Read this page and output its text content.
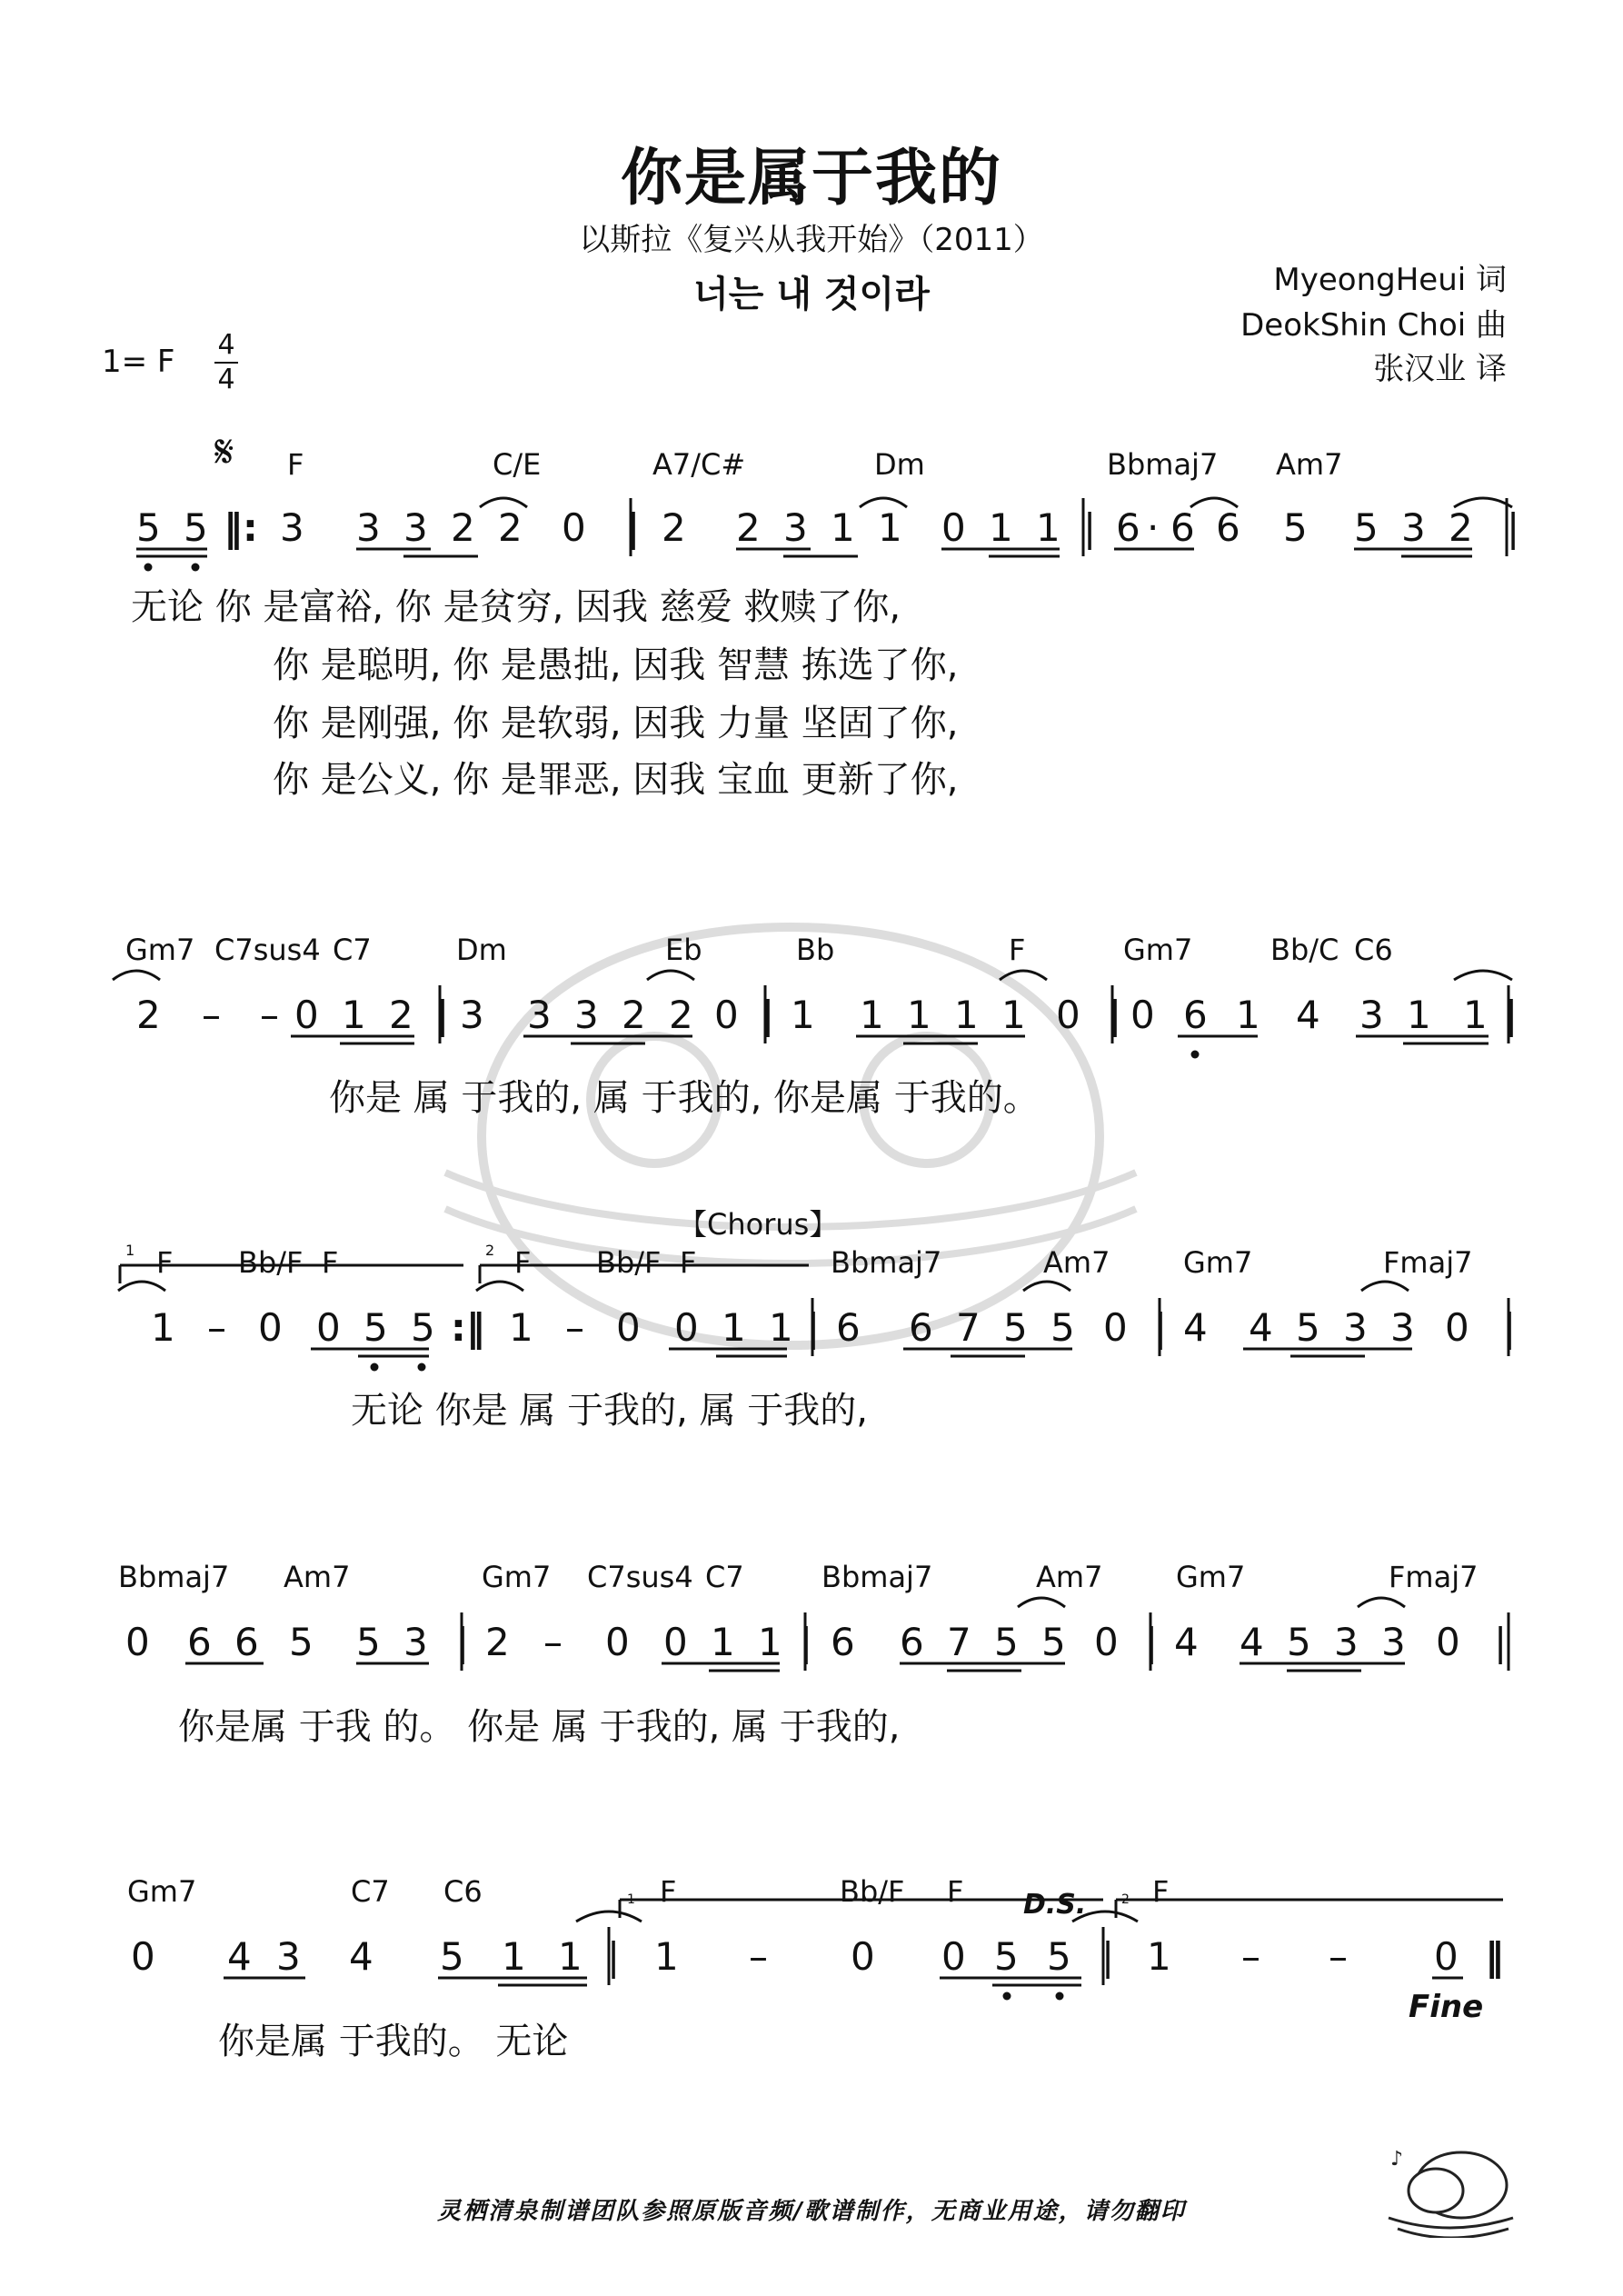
你是属于我的
以斯拉《复兴从我开始》（2011）
너는 내 것이라	MyeongHeui 词
DeokShin Choi 曲
张汉业 译
1= F 4
4
𝄋 F	C/E	A7/C#	Dm	Bbmaj7 Am7
5 5 ‖: 3 3 3 2 2 0 | 2 2 3 1 1 0 1 1 | 6 · 6 6 5 5 3 2 |
无论 你 是富裕, 你 是贫穷, 因我 慈爱 救赎了你,
你 是聪明, 你 是愚拙, 因我 智慧 拣选了你,
你 是刚强, 你 是软弱, 因我 力量 坚固了你,
你 是公义, 你 是罪恶, 因我 宝血 更新了你,
Gm7 C7sus4 C7	Dm	Eb	Bb	F	Gm7	Bb/C C6
2 – – 0 1 2 | 3 3 3 2 2 0 | 1 1 1 1 1 0 | 0 6 1 4 3 1 1 |
你是 属 于我的, 属 于我的, 你是属 于我的。
【Chorus】
1	2
F Bb/F F	F Bb/F F	Bbmaj7	Am7	Gm7	Fmaj7
1 – 0 0 5 5 :‖ 1 – 0 0 1 1 | 6 6 7 5 5 0 | 4 4 5 3 3 0 |
无论 你是 属 于我的, 属 于我的,
Bbmaj7 Am7	Gm7 C7sus4 C7	Bbmaj7	Am7	Gm7	Fmaj7
0 6 6 5 5 3 | 2 – 0 0 1 1 | 6 6 7 5 5 0 | 4 4 5 3 3 0 |
你是属 于我 的。 你是 属 于我的, 属 于我的,
Gm7	C7 C6	F	Bb/F F	F
1	2
D.S.
0 4 3 4 5 1 1 | 1 – 0 0 5 5 | 1 – – 0 ‖
Fine
你是属 于我的。 无论
灵栖清泉制谱团队参照原版音频/歌谱制作，无商业用途，请勿翻印
♪
